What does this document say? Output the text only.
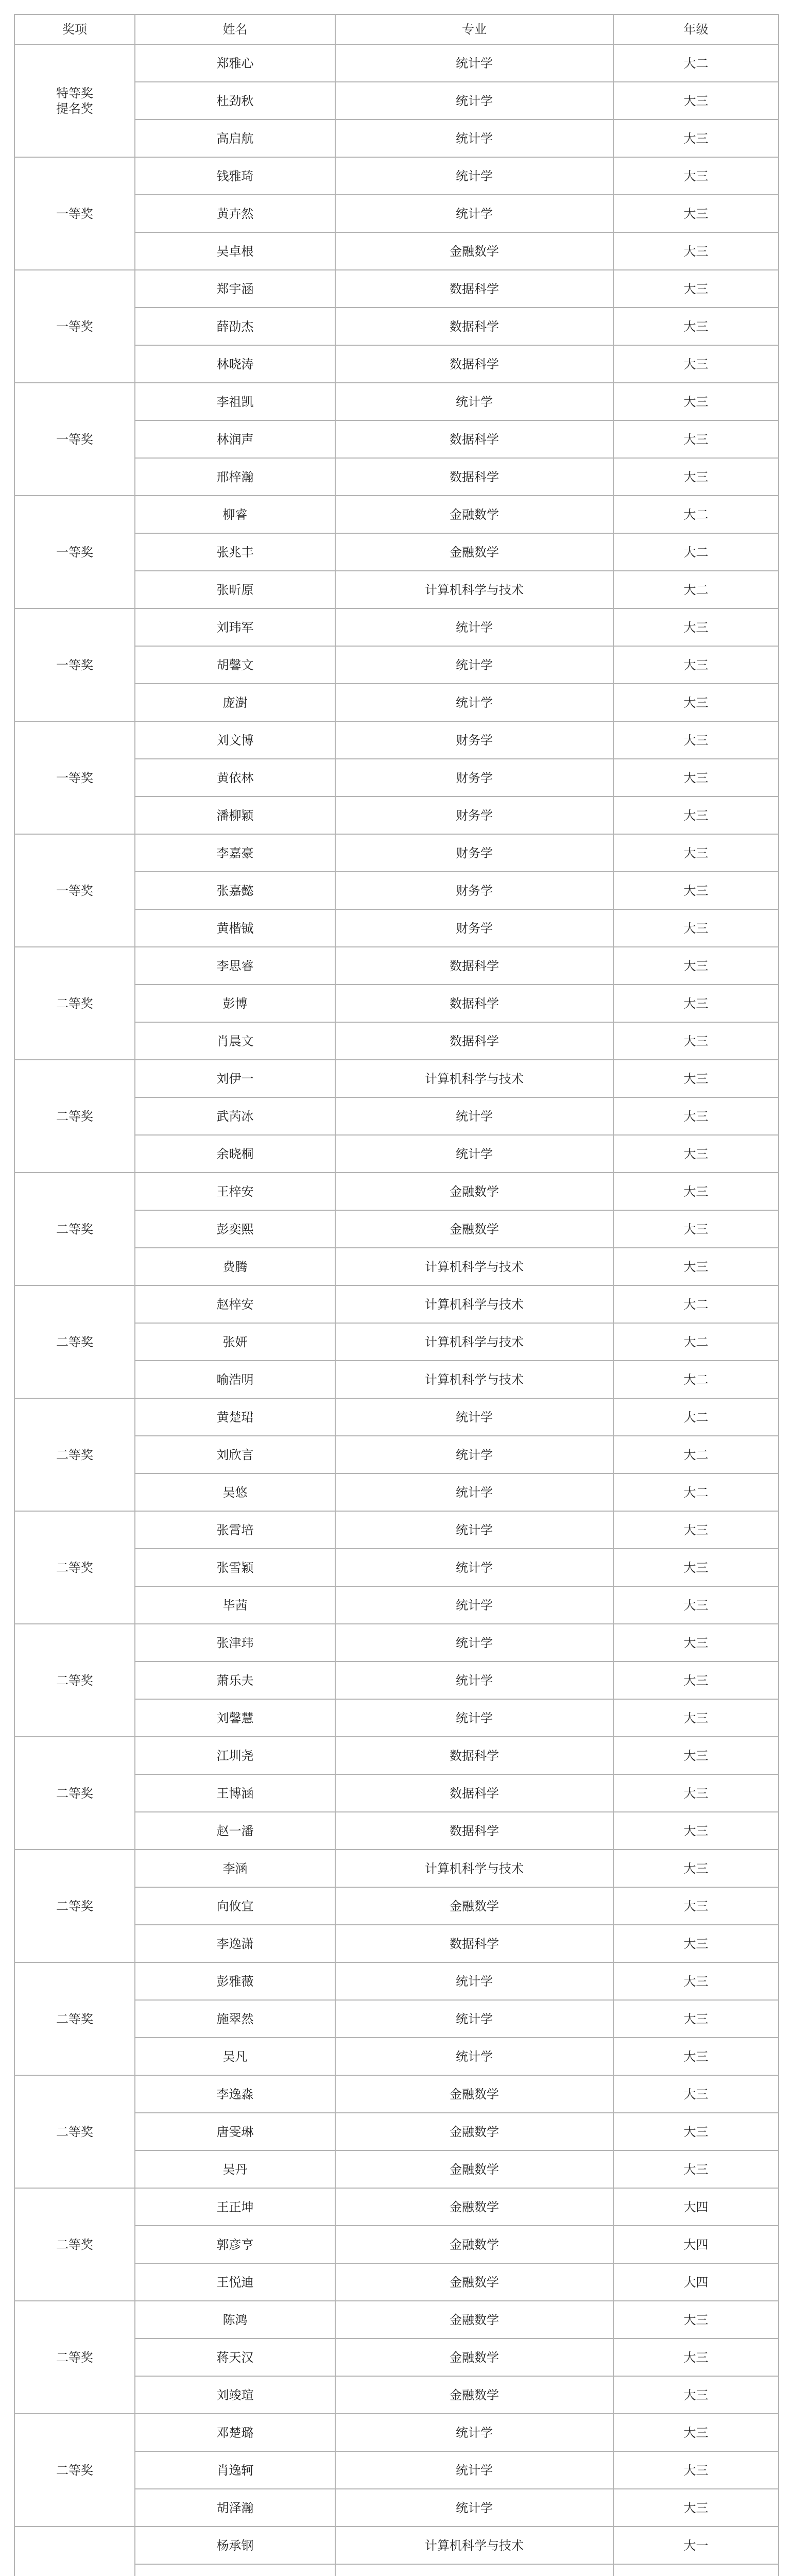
奖项	姓名	专业	年级

特等奖
提名奖	郑雅心	统计学	大二
	杜劲秋	统计学	大三
	高启航	统计学	大三

一等奖	钱雅琦	统计学	大三
	黄卉然	统计学	大三
	吴卓根	金融数学	大三

一等奖	郑宇涵	数据科学	大三
	薛劭杰	数据科学	大三
	林晓涛	数据科学	大三

一等奖	李祖凯	统计学	大三
	林润声	数据科学	大三
	邢梓瀚	数据科学	大三

一等奖	柳睿	金融数学	大二
	张兆丰	金融数学	大二
	张昕原	计算机科学与技术	大二

一等奖	刘玮军	统计学	大三
	胡馨文	统计学	大三
	庞澍	统计学	大三

一等奖	刘文博	财务学	大三
	黄依林	财务学	大三
	潘柳颖	财务学	大三

一等奖	李嘉豪	财务学	大三
	张嘉懿	财务学	大三
	黄楷铖	财务学	大三

二等奖	李思睿	数据科学	大三
	彭博	数据科学	大三
	肖晨文	数据科学	大三

二等奖	刘伊一	计算机科学与技术	大三
	武芮冰	统计学	大三
	余晓桐	统计学	大三

二等奖	王梓安	金融数学	大三
	彭奕熙	金融数学	大三
	费腾	计算机科学与技术	大三

二等奖	赵梓安	计算机科学与技术	大二
	张妍	计算机科学与技术	大二
	喻浩明	计算机科学与技术	大二

二等奖	黄楚珺	统计学	大二
	刘欣言	统计学	大二
	吴悠	统计学	大二

二等奖	张霄培	统计学	大三
	张雪颖	统计学	大三
	毕茜	统计学	大三

二等奖	张津玮	统计学	大三
	萧乐夫	统计学	大三
	刘馨慧	统计学	大三

二等奖	江圳尧	数据科学	大三
	王博涵	数据科学	大三
	赵一潘	数据科学	大三

二等奖	李涵	计算机科学与技术	大三
	向攸宜	金融数学	大三
	李逸潇	数据科学	大三

二等奖	彭雅薇	统计学	大三
	施翠然	统计学	大三
	吴凡	统计学	大三

二等奖	李逸淼	金融数学	大三
	唐雯琳	金融数学	大三
	吴丹	金融数学	大三

二等奖	王正坤	金融数学	大四
	郭彦亨	金融数学	大四
	王悦迪	金融数学	大四

二等奖	陈鸿	金融数学	大三
	蒋天汉	金融数学	大三
	刘竣瑄	金融数学	大三

二等奖	邓楚璐	统计学	大三
	肖逸轲	统计学	大三
	胡泽瀚	统计学	大三

	杨承钢	计算机科学与技术	大一
